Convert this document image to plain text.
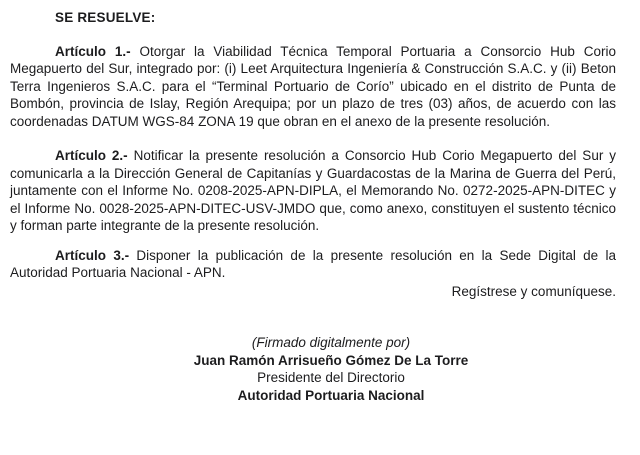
SE RESUELVE:

Artículo 1.- Otorgar la Viabilidad Técnica Temporal Portuaria a Consorcio Hub Corio Megapuerto del Sur, integrado por: (i) Leet Arquitectura Ingeniería & Construcción S.A.C. y (ii) Beton Terra Ingenieros S.A.C. para el “Terminal Portuario de Corío” ubicado en el distrito de Punta de Bombón, provincia de Islay, Región Arequipa; por un plazo de tres (03) años, de acuerdo con las coordenadas DATUM WGS-84 ZONA 19 que obran en el anexo de la presente resolución.

Artículo 2.- Notificar la presente resolución a Consorcio Hub Corio Megapuerto del Sur y comunicarla a la Dirección General de Capitanías y Guardacostas de la Marina de Guerra del Perú, juntamente con el Informe No. 0208-2025-APN-DIPLA, el Memorando No. 0272-2025-APN-DITEC y el Informe No. 0028-2025-APN-DITEC-USV-JMDO que, como anexo, constituyen el sustento técnico y forman parte integrante de la presente resolución.

Artículo 3.- Disponer la publicación de la presente resolución en la Sede Digital de la Autoridad Portuaria Nacional - APN.

Regístrese y comuníquese.

(Firmado digitalmente por)

Juan Ramón Arrisueño Gómez De La Torre

Presidente del Directorio

Autoridad Portuaria Nacional
